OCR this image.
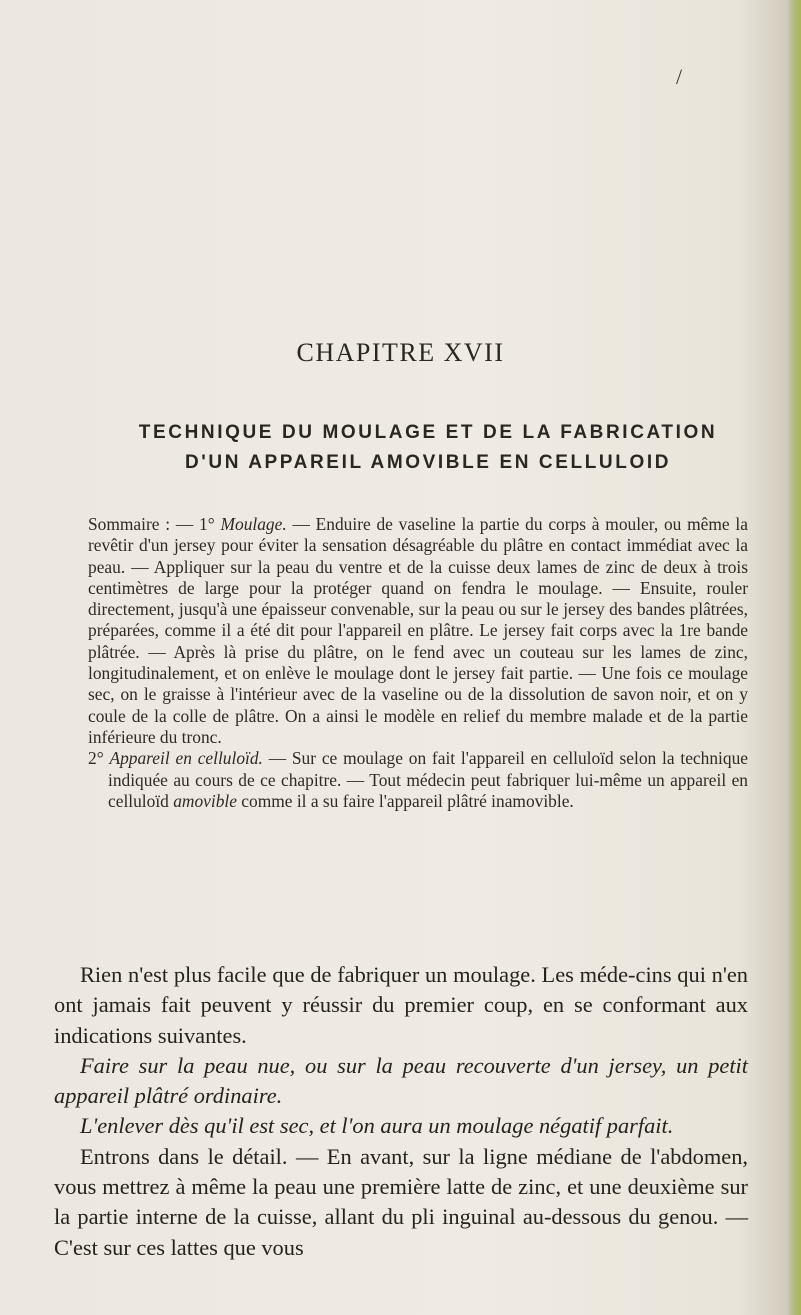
/
CHAPITRE XVII
TECHNIQUE DU MOULAGE ET DE LA FABRICATION
D'UN APPAREIL AMOVIBLE EN CELLULOID

Sommaire : — 1° Moulage. — Enduire de vaseline la partie du corps à mouler, ou même la revêtir d'un jersey pour éviter la sensation désagréable du plâtre en contact immédiat avec la peau. — Appliquer sur la peau du ventre et de la cuisse deux lames de zinc de deux à trois centimètres de large pour la protéger quand on fendra le moulage. — Ensuite, rouler directement, jusqu'à une épaisseur convenable, sur la peau ou sur le jersey des bandes plâtrées, préparées, comme il a été dit pour l'appareil en plâtre. Le jersey fait corps avec la 1re bande plâtrée. — Après là prise du plâtre, on le fend avec un couteau sur les lames de zinc, longitudinalement, et on enlève le moulage dont le jersey fait partie. — Une fois ce moulage sec, on le graisse à l'intérieur avec de la vaseline ou de la dissolution de savon noir, et on y coule de la colle de plâtre. On a ainsi le modèle en relief du membre malade et de la partie inférieure du tronc.

2° Appareil en celluloïd. — Sur ce moulage on fait l'appareil en celluloïd selon la technique indiquée au cours de ce chapitre. — Tout médecin peut fabriquer lui-même un appareil en celluloïd amovible comme il a su faire l'appareil plâtré inamovible.

Rien n'est plus facile que de fabriquer un moulage. Les méde-cins qui n'en ont jamais fait peuvent y réussir du premier coup, en se conformant aux indications suivantes.

Faire sur la peau nue, ou sur la peau recouverte d'un jersey, un petit appareil plâtré ordinaire.

L'enlever dès qu'il est sec, et l'on aura un moulage négatif parfait.

Entrons dans le détail. — En avant, sur la ligne médiane de l'abdomen, vous mettrez à même la peau une première latte de zinc, et une deuxième sur la partie interne de la cuisse, allant du pli inguinal au-dessous du genou. — C'est sur ces lattes que vous
